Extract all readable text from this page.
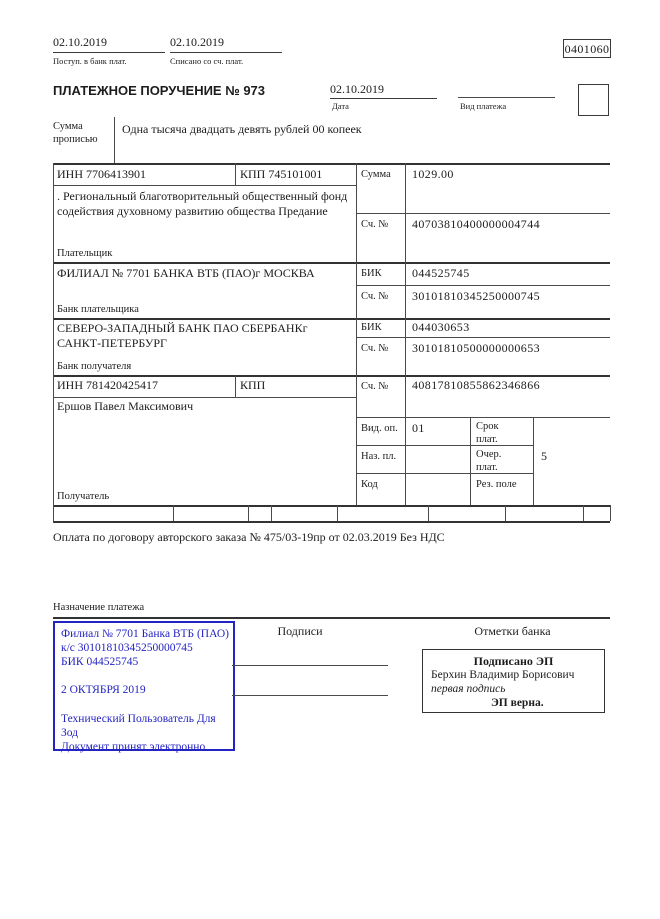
02.10.2019
Поступ. в банк плат.
02.10.2019
Списано со сч. плат.
0401060
ПЛАТЕЖНОЕ ПОРУЧЕНИЕ № 973	02.10.2019
Дата	Вид платежа
Сумма прописью
Одна тысяча двадцать девять рублей 00 копеек
ИНН 7706413901	КПП 745101001	Сумма 1029.00
. Региональный благотворительный общественный фонд содействия духовному развитию общества Предание
Сч. № 40703810400000004744
Плательщик
ФИЛИАЛ № 7701 БАНКА ВТБ (ПАО)г МОСКВА	БИК	044525745
Сч. № 30101810345250000745
Банк плательщика
СЕВЕРО-ЗАПАДНЫЙ БАНК ПАО СБЕРБАНКг САНКТ-ПЕТЕРБУРГ
БИК	044030653
Сч. № 30101810500000000653
Банк получателя
ИНН 781420425417	КПП	Сч. № 40817810855862346866
Ершов Павел Максимович
Вид. оп. 01	Срок плат.
Наз. пл.	Очер. плат.
5
Код	Рез. поле
Получатель
Оплата по договору авторского заказа № 475/03-19пр от 02.03.2019 Без НДС
Назначение платежа
Подписи	Отметки банка

Филиал № 7701 Банка ВТБ (ПАО)

к/с 30101810345250000745

БИК 044525745

2 ОКТЯБРЯ 2019

Технический Пользователь Для Зод

Документ принят электронно

Подписано ЭП

Берхин Владимир Борисович

первая подпись

ЭП верна.
